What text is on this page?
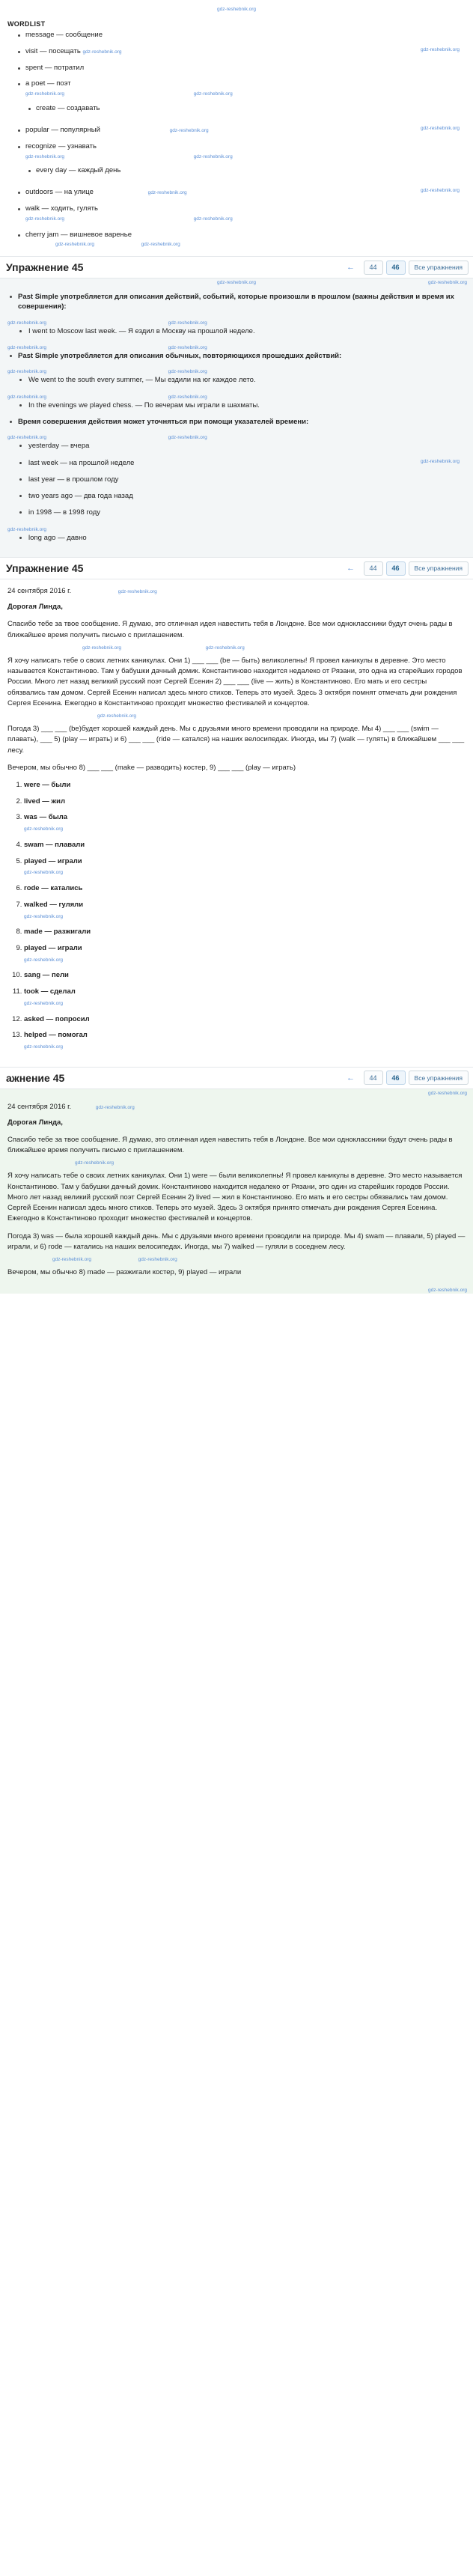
gdz-reshebnik.org
WORDLIST
message — сообщение
visit — посещать gdz-reshebnik.org	gdz-reshebnik.org
spent — потратил
a poet — поэт
gdz-reshebnik.org	gdz-reshebnik.org
create — создавать
popular — популярный	gdz-reshebnik.org	gdz-reshebnik.org
recognize — узнавать
gdz-reshebnik.org	gdz-reshebnik.org
every day — каждый день
outdoors — на улице	gdz-reshebnik.org	gdz-reshebnik.org
walk — ходить, гулять
gdz-reshebnik.org	gdz-reshebnik.org
cherry jam — вишневое варенье
gdz-reshebnik.org	gdz-reshebnik.org
Упражнение 45	←	44	46	Все упражнения
gdz-reshebnik.org	gdz-reshebnik.org
Past Simple употребляется для описания действий, событий, которые произошли в прошлом (важны действия и время их совершения):
gdz-reshebnik.org	gdz-reshebnik.org
I went to Moscow last week. — Я ездил в Москву на прошлой неделе.
gdz-reshebnik.org	gdz-reshebnik.org
Past Simple употребляется для описания обычных, повторяющихся прошедших действий:
gdz-reshebnik.org	gdz-reshebnik.org
We went to the south every summer, — Мы ездили на юг каждое лето.
gdz-reshebnik.org	gdz-reshebnik.org
In the evenings we played chess. — По вечерам мы играли в шахматы.
Время совершения действия может уточняться при помощи указателей времени:
gdz-reshebnik.org	gdz-reshebnik.org
yesterday — вчера
last week — на прошлой неделе	gdz-reshebnik.org
last year — в прошлом году
two years ago — два года назад
in 1998 — в 1998 году
gdz-reshebnik.org
long ago — давно
Упражнение 45	←	44	46	Все упражнения

24 сентября 2016 г.	gdz-reshebnik.org

Дорогая Линда,

Спасибо тебе за твое сообщение. Я думаю, это отличная идея навестить тебя в Лондоне. Все мои однокласcники будут очень рады в ближайшее время получить письмо с приглашением.

gdz-reshebnik.org	gdz-reshebnik.org

Я хочу написать тебе о своих летних каникулах. Они 1) ___ ___ (be — быть) великолепны! Я провел каникулы в деревне. Это место называется Константиново. Там у бабушки дачный домик. Константиново находится недалеко от Рязани, это одна из старейших городов России. Много лет назад великий русский поэт Сергей Есенин 2) ___ ___ (live — жить) в Константиново. Его мать и его сестры обязвались там домом. Сергей Есенин написал здесь много стихов. Теперь это музей. Здесь 3 октября помнят отмечать дни рождения Сергея Есенина. Ежегодно в Константиново проходит множество фестивалей и концертов.

gdz-reshebnik.org

Погода 3) ___ ___ (be)будет хорошей каждый день. Мы с друзьями много времени проводили на природе. Мы 4) ___ ___ (swim — плавать), ___ 5) (play — играть) и 6) ___ ___ (ride — катался) на наших велосипедах. Иногда, мы 7) (walk — гулять) в ближайшем ___ ___ лесу.

Вечером, мы обычно 8) ___ ___ (make — разводить) костер, 9) ___ ___ (play — играть)

1. were — были
2. lived — жил
3. was — была
gdz-reshebnik.org
4. swam — плавали
5. played — играли
gdz-reshebnik.org
6. rode — катались
7. walked — гуляли
gdz-reshebnik.org
8. made — разжигали
9. played — играли
gdz-reshebnik.org
10. sang — пели
11. took — сделал
gdz-reshebnik.org
12. asked — попросил
13. helped — помогал
gdz-reshebnik.org
ажнение 45	←	44	46	Все упражнения
gdz-reshebnik.org

24 сентября 2016 г.	gdz-reshebnik.org

Дорогая Линда,

Спасибо тебе за твое сообщение. Я думаю, это отличная идея навестить тебя в Лондоне. Все мои одноклассники будут очень рады в ближайшее время получить письмо с приглашением.

gdz-reshebnik.org

Я хочу написать тебе о своих летних каникулах. Они 1) were — были великолепны! Я провел каникулы в деревне. Это место называется Константиново. Там у бабушки дачный домик. Константиново находится недалеко от Рязани, это один из старейших городов России. Много лет назад великий русский поэт Сергей Есенин 2) lived — жил в Константиново. Его мать и его сестры обязвались там домом. Сергей Есенин написал здесь много стихов. Теперь это музей. Здесь 3 октября принято отмечать дни рождения Сергея Есенина. Ежегодно в Константиново проходит множество фестивалей и концертов.

Погода 3) was — была хорошей каждый день. Мы с друзьями много времени проводили на природе. Мы 4) swam — плавали, 5) played — играли, и 6) rode — катались на наших велосипедах. Иногда, мы 7) walked — гуляли в соседнем лесу.

gdz-reshebnik.org	gdz-reshebnik.org

Вечером, мы обычно 8) made — разжигали костер, 9) played — играли
gdz-reshebnik.org
